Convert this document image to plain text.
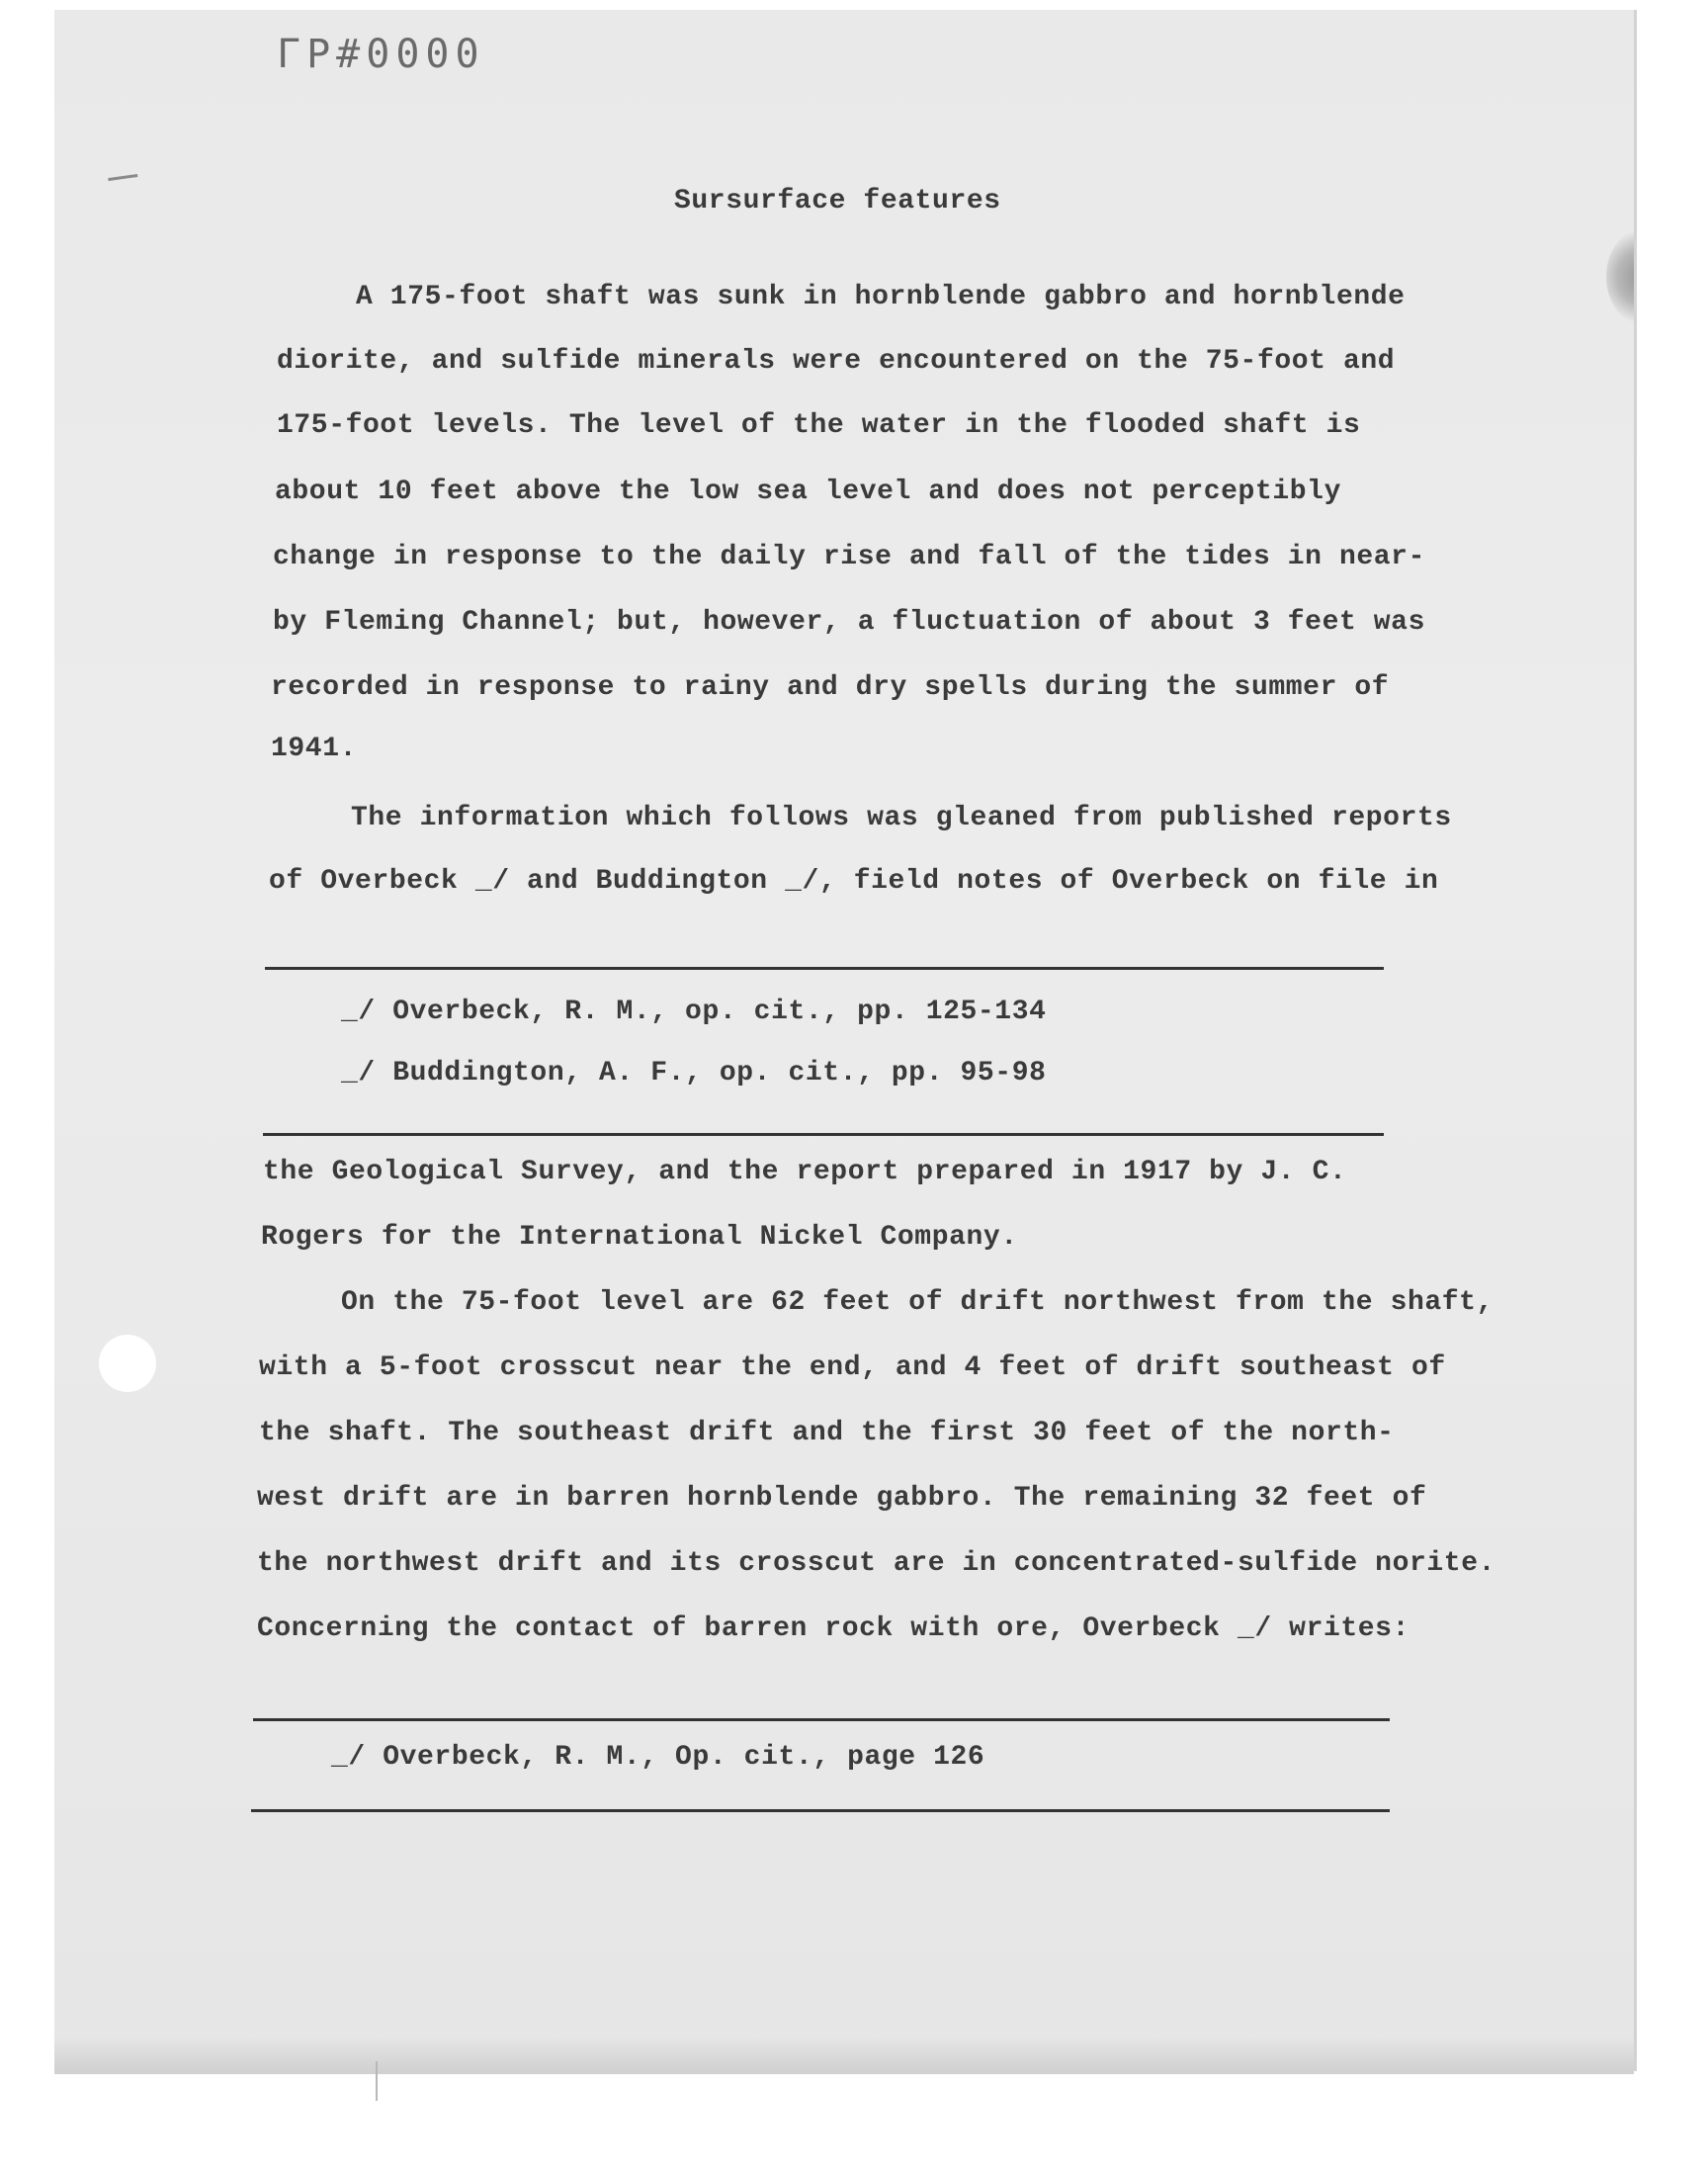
ΓΡ#0000
Sursurface features
A 175-foot shaft was sunk in hornblende gabbro and hornblende
diorite, and sulfide minerals were encountered on the 75-foot and
175-foot levels. The level of the water in the flooded shaft is
about 10 feet above the low sea level and does not perceptibly
change in response to the daily rise and fall of the tides in near-
by Fleming Channel; but, however, a fluctuation of about 3 feet was
recorded in response to rainy and dry spells during the summer of
1941.
The information which follows was gleaned from published reports
of Overbeck _/ and Buddington _/, field notes of Overbeck on file in
_/ Overbeck, R. M., op. cit., pp. 125-134
_/ Buddington, A. F., op. cit., pp. 95-98
the Geological Survey, and the report prepared in 1917 by J. C.
Rogers for the International Nickel Company.
On the 75-foot level are 62 feet of drift northwest from the shaft,
with a 5-foot crosscut near the end, and 4 feet of drift southeast of
the shaft. The southeast drift and the first 30 feet of the north-
west drift are in barren hornblende gabbro. The remaining 32 feet of
the northwest drift and its crosscut are in concentrated-sulfide norite.
Concerning the contact of barren rock with ore, Overbeck _/ writes:
_/ Overbeck, R. M., Op. cit., page 126
